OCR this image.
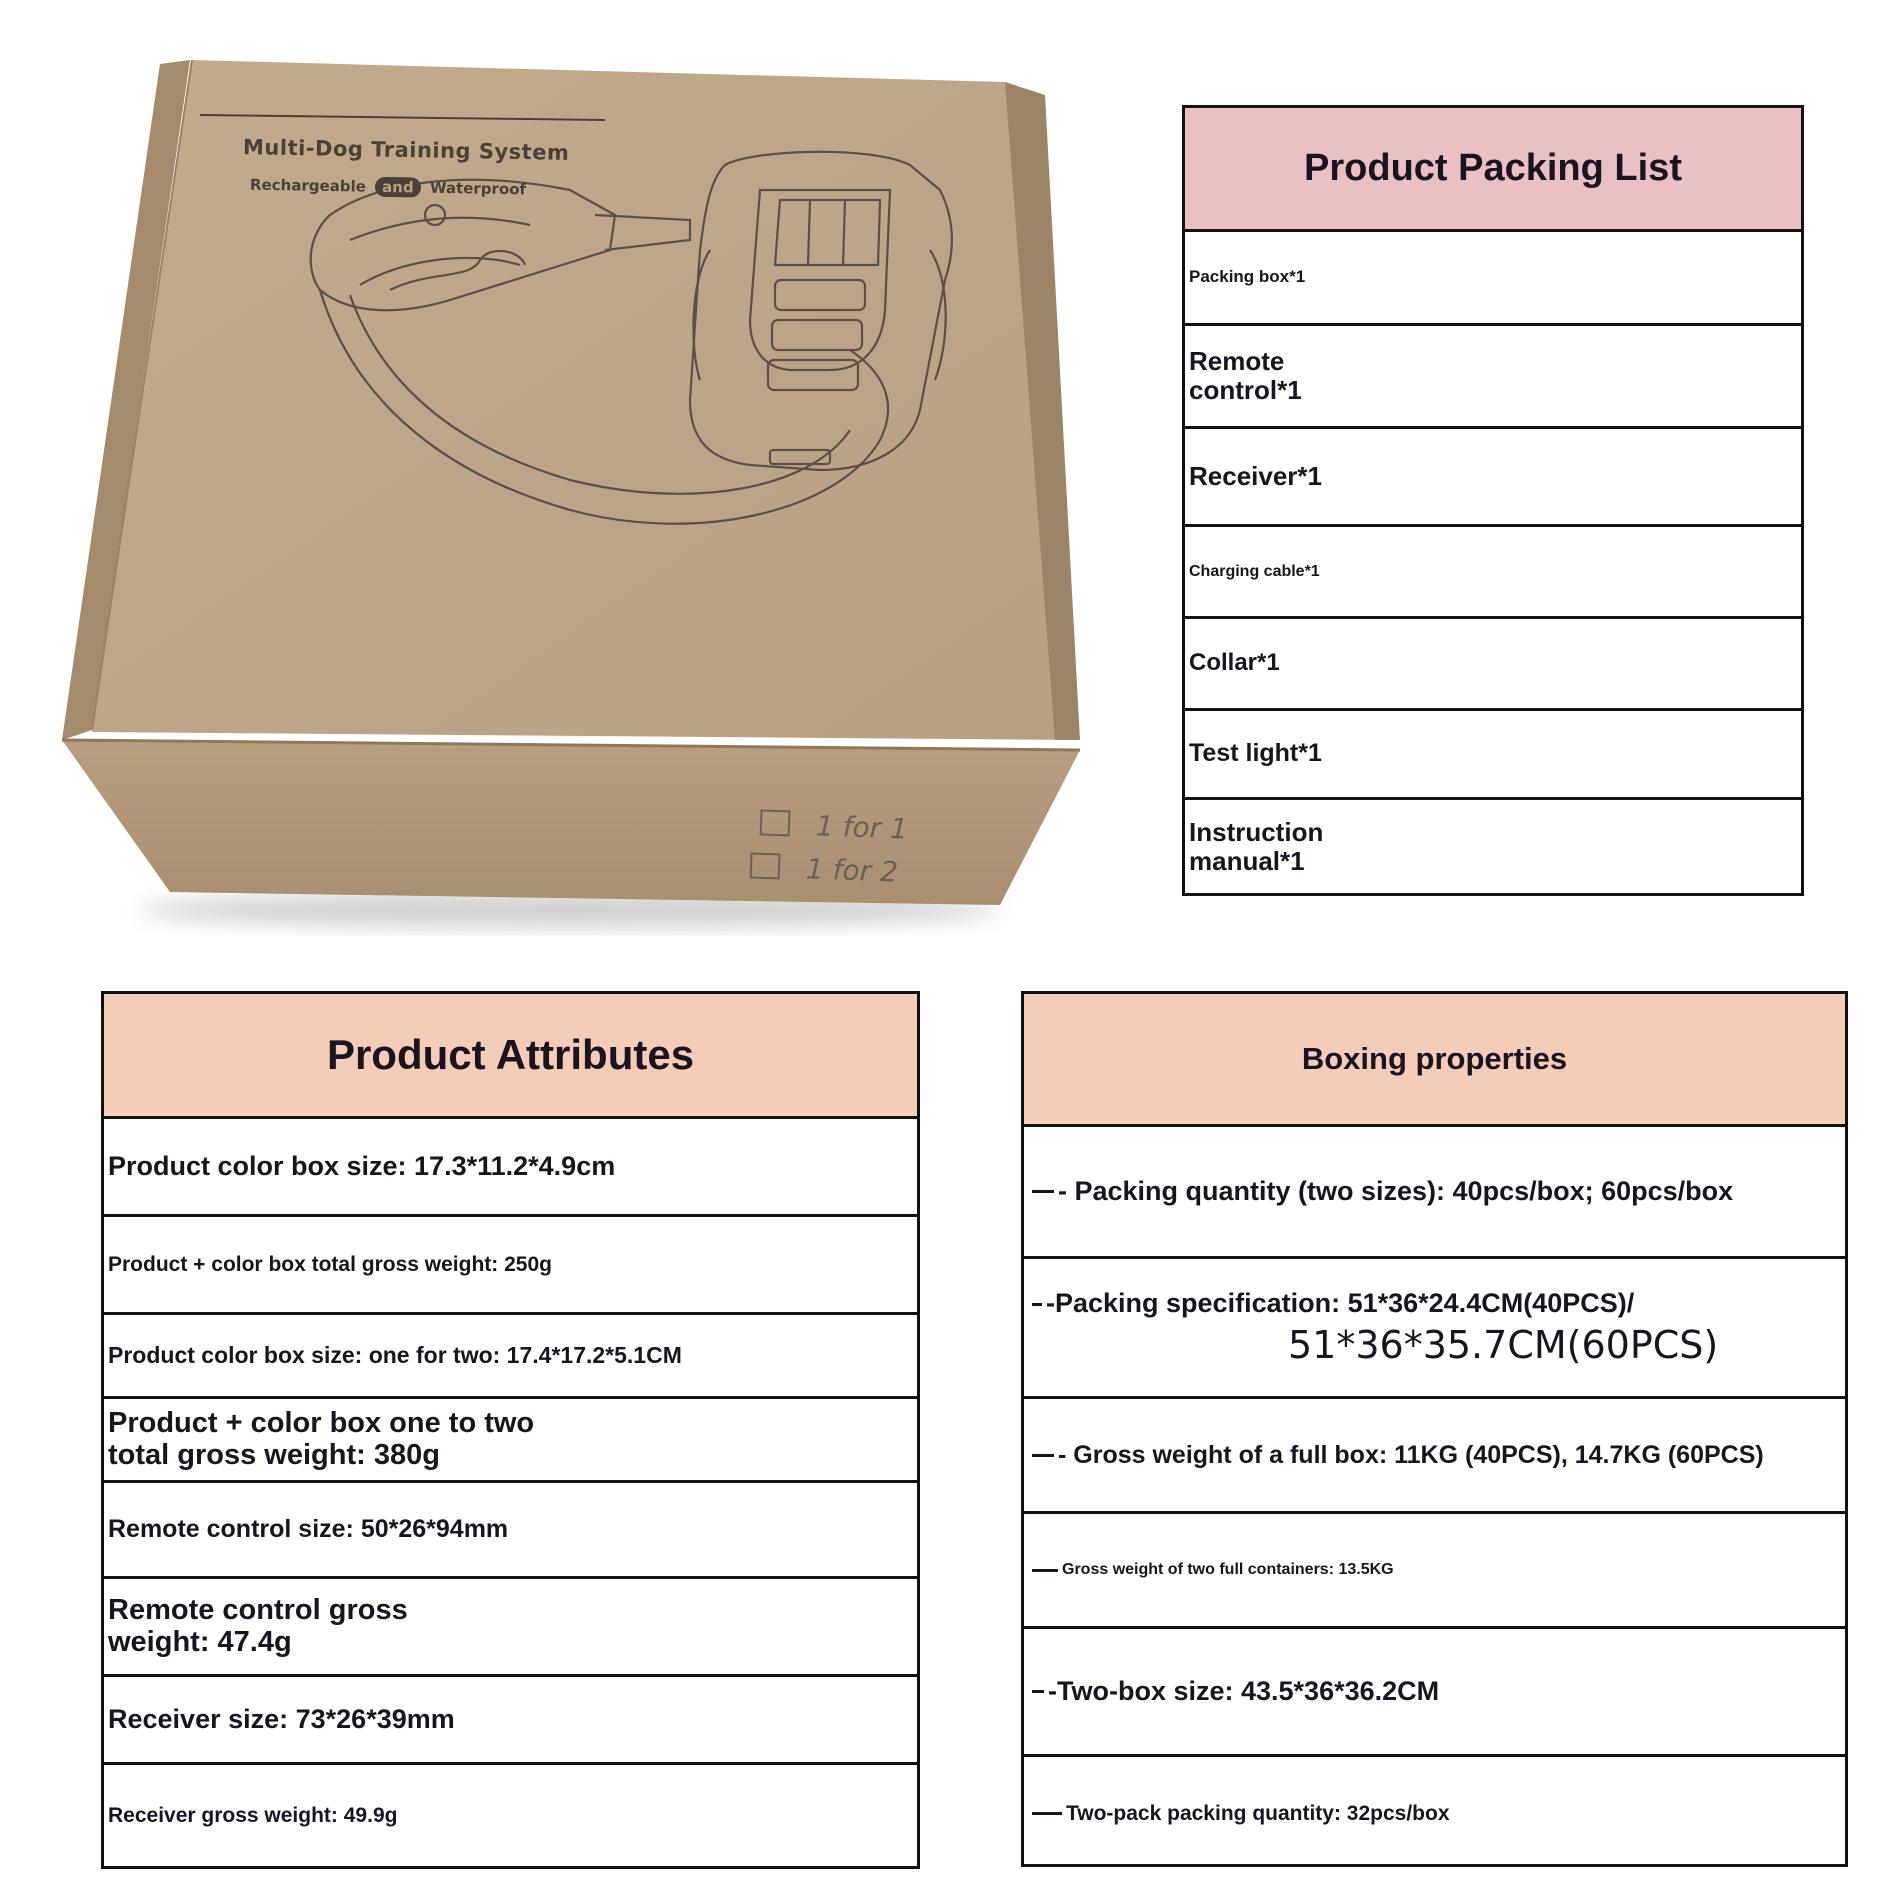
Multi-Dog Training System
Rechargeable and Waterproof
1 for 1
1 for 2
Product Packing List
Packing box*1
Remote control*1
Receiver*1
Charging cable*1
Collar*1
Test light*1
Instruction manual*1
Product Attributes
Product color box size: 17.3*11.2*4.9cm
Product + color box total gross weight: 250g
Product color box size: one for two: 17.4*17.2*5.1CM
Product + color box one to two total gross weight: 380g
Remote control size: 50*26*94mm
Remote control gross weight: 47.4g
Receiver size: 73*26*39mm
Receiver gross weight: 49.9g
Boxing properties
- Packing quantity (two sizes): 40pcs/box; 60pcs/box
-Packing specification: 51*36*24.4CM(40PCS)/
51*36*35.7CM(60PCS)
- Gross weight of a full box: 11KG (40PCS), 14.7KG (60PCS)
Gross weight of two full containers: 13.5KG
-Two-box size: 43.5*36*36.2CM
Two-pack packing quantity: 32pcs/box
